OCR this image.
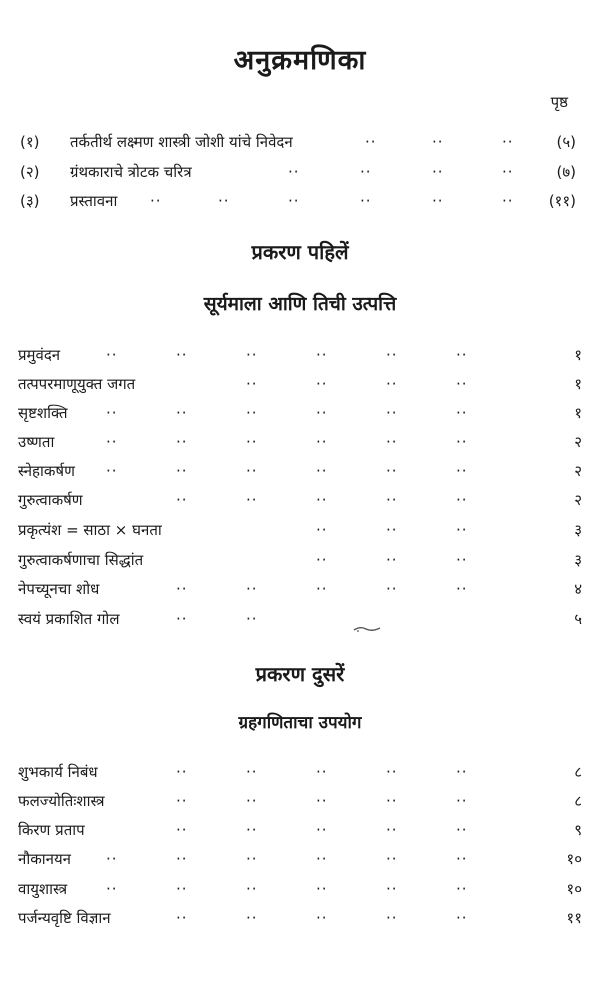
अनुक्रमणिका
पृष्ठ
(१) तर्कतीर्थ लक्ष्मण शास्त्री जोशी यांचे निवेदन	··	··	··	(५)
(२) ग्रंथकाराचे त्रोटक चरित्र	··	··	··	··	(७)
(३) प्रस्तावना ··	··	··	··	··	·· (११)
प्रकरण पहिलें
सूर्यमाला आणि तिची उत्पत्ति
प्रमुवंदन	··	··	··	··	··	··	१
तत्पपरमाणूयुक्त जगत	··	··	··	··	१
सृष्टशक्ति	··	··	··	··	··	··	१
उष्णता	··	··	··	··	··	··	२
स्नेहाकर्षण ··	··	··	··	··	··	२
गुरुत्वाकर्षण	··	··	··	··	··	२
प्रकृत्यंश = साठा × घनता	··	··	··	३
गुरुत्वाकर्षणाचा सिद्धांत	··	··	··	३
नेपच्यूनचा शोध	··	··	··	··	··	४
स्वयं प्रकाशित गोल	··	··	५
प्रकरण दुसरें
ग्रहगणिताचा उपयोग
शुभकार्य निबंध	··	··	··	··	··	८
फलज्योतिःशास्त्र	··	··	··	··	··	८
किरण प्रताप	··	··	··	··	··	९
नौकानयन ··	··	··	··	··	··	१०
वायुशास्त्र	··	··	··	··	··	··	१०
पर्जन्यवृष्टि विज्ञान	··	··	··	··	··	११
